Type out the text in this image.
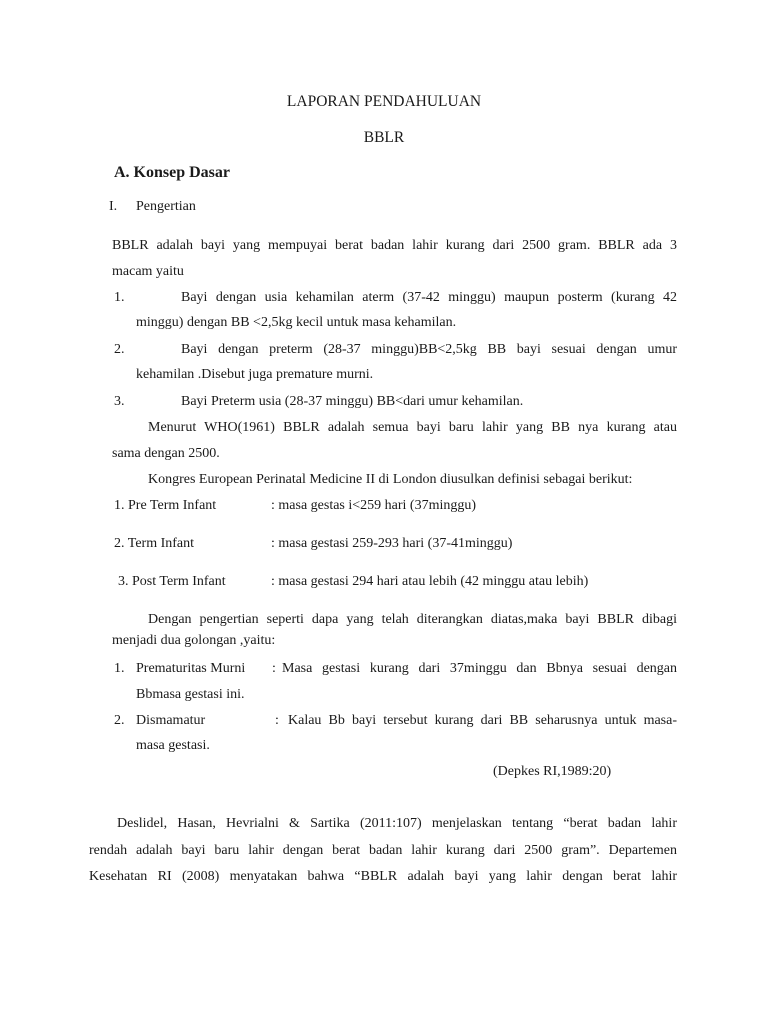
LAPORAN PENDAHULUAN
BBLR
A. Konsep Dasar
I. Pengertian
BBLR adalah bayi yang mempuyai berat badan lahir kurang dari 2500 gram. BBLR ada 3
macam yaitu
1.	Bayi dengan usia kehamilan aterm (37-42 minggu) maupun posterm (kurang 42
minggu) dengan BB <2,5kg kecil untuk masa kehamilan.
2.	Bayi dengan preterm (28-37 minggu)BB<2,5kg BB bayi sesuai dengan umur
kehamilan .Disebut juga premature murni.
3.	Bayi Preterm usia (28-37 minggu) BB<dari umur kehamilan.
Menurut WHO(1961) BBLR adalah semua bayi baru lahir yang BB nya kurang atau
sama dengan 2500.
Kongres European Perinatal Medicine II di London diusulkan definisi sebagai berikut:
1. Pre Term Infant	: masa gestas i<259 hari (37minggu)
2. Term Infant	: masa gestasi 259-293 hari (37-41minggu)
3. Post Term Infant	: masa gestasi 294 hari atau lebih (42 minggu atau lebih)
Dengan pengertian seperti dapa yang telah diterangkan diatas,maka bayi BBLR dibagi
menjadi dua golongan ,yaitu:
1. Prematuritas Murni : Masa gestasi kurang dari 37minggu dan Bbnya sesuai dengan
Bbmasa gestasi ini.
2. Dismamatur	: Kalau Bb bayi tersebut kurang dari BB seharusnya untuk masa-
masa gestasi.
(Depkes RI,1989:20)
Deslidel, Hasan, Hevrialni & Sartika (2011:107) menjelaskan tentang “berat badan lahir
rendah adalah bayi baru lahir dengan berat badan lahir kurang dari 2500 gram”. Departemen
Kesehatan RI (2008) menyatakan bahwa “BBLR adalah bayi yang lahir dengan berat lahir
